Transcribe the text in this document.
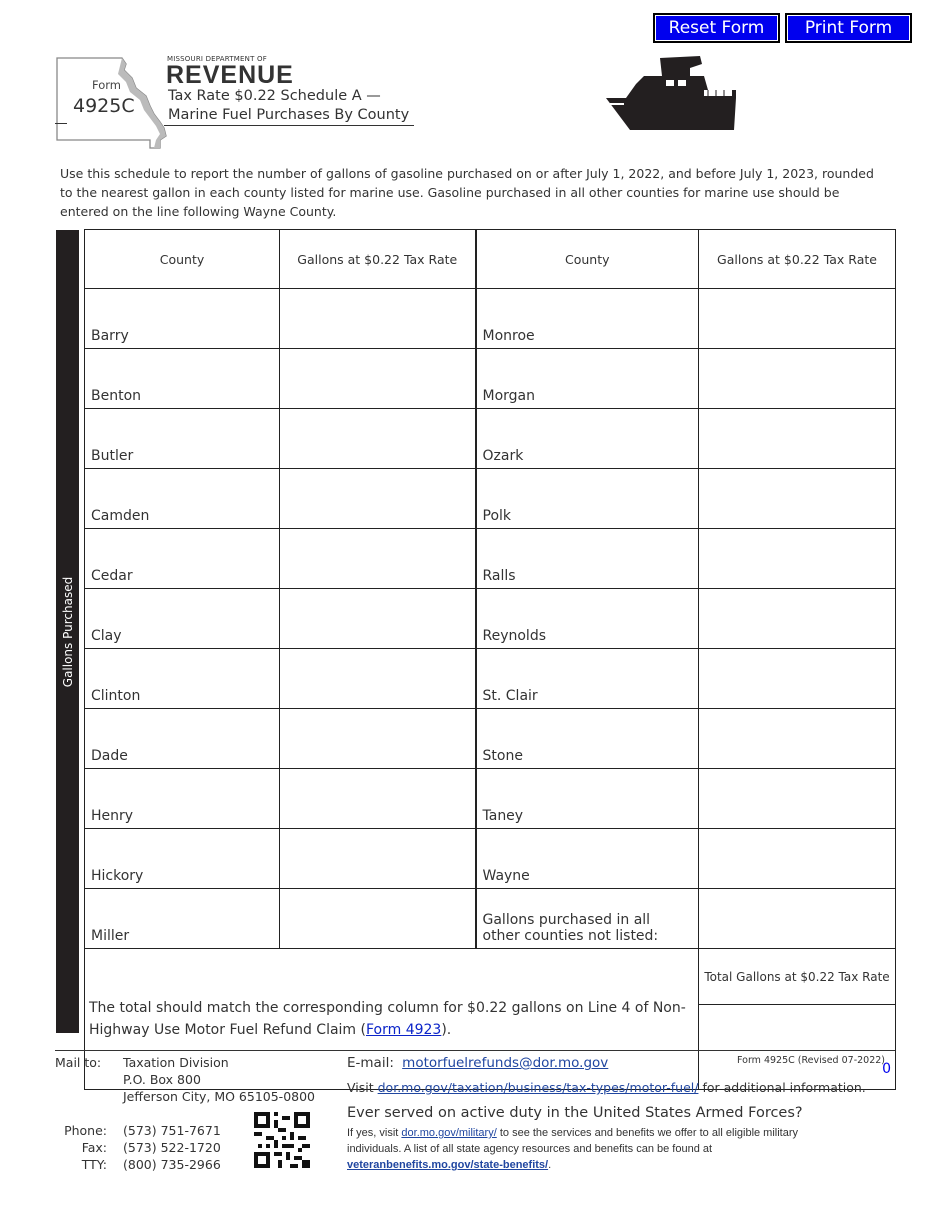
Reset Form	Print Form
Form
4925C
MISSOURI DEPARTMENT OF
REVENUE
Tax Rate $0.22 Schedule A —
Marine Fuel Purchases By County
Use this schedule to report the number of gallons of gasoline purchased on or after July 1, 2022, and before July 1, 2023, rounded to the nearest gallon in each county listed for marine use. Gasoline purchased in all other counties for marine use should be entered on the line following Wayne County.
Gallons Purchased
County	Gallons at $0.22 Tax Rate	County	Gallons at $0.22 Tax Rate
Barry		Monroe	
Benton		Morgan	
Butler		Ozark	
Camden		Polk	
Cedar		Ralls	
Clay		Reynolds	
Clinton		St. Clair	
Dade		Stone	
Henry		Taney	
Hickory		Wayne	
Miller		Gallons purchased in all other counties not listed:	
The total should match the corresponding column for $0.22 gallons on Line 4 of Non-Highway Use Motor Fuel Refund Claim (Form 4923).			Total Gallons at $0.22 Tax Rate
			0
Mail to: Taxation Division
P.O. Box 800
Jefferson City, MO 65105-0800
Phone:
Fax:
TTY:
(573) 751-7671
(573) 522-1720
(800) 735-2966
E-mail: motorfuelrefunds@dor.mo.gov	Form 4925C (Revised 07-2022)
Visit dor.mo.gov/taxation/business/tax-types/motor-fuel/ for additional information.
Ever served on active duty in the United States Armed Forces?
If yes, visit dor.mo.gov/military/ to see the services and benefits we offer to all eligible military individuals. A list of all state agency resources and benefits can be found at veteranbenefits.mo.gov/state-benefits/.
